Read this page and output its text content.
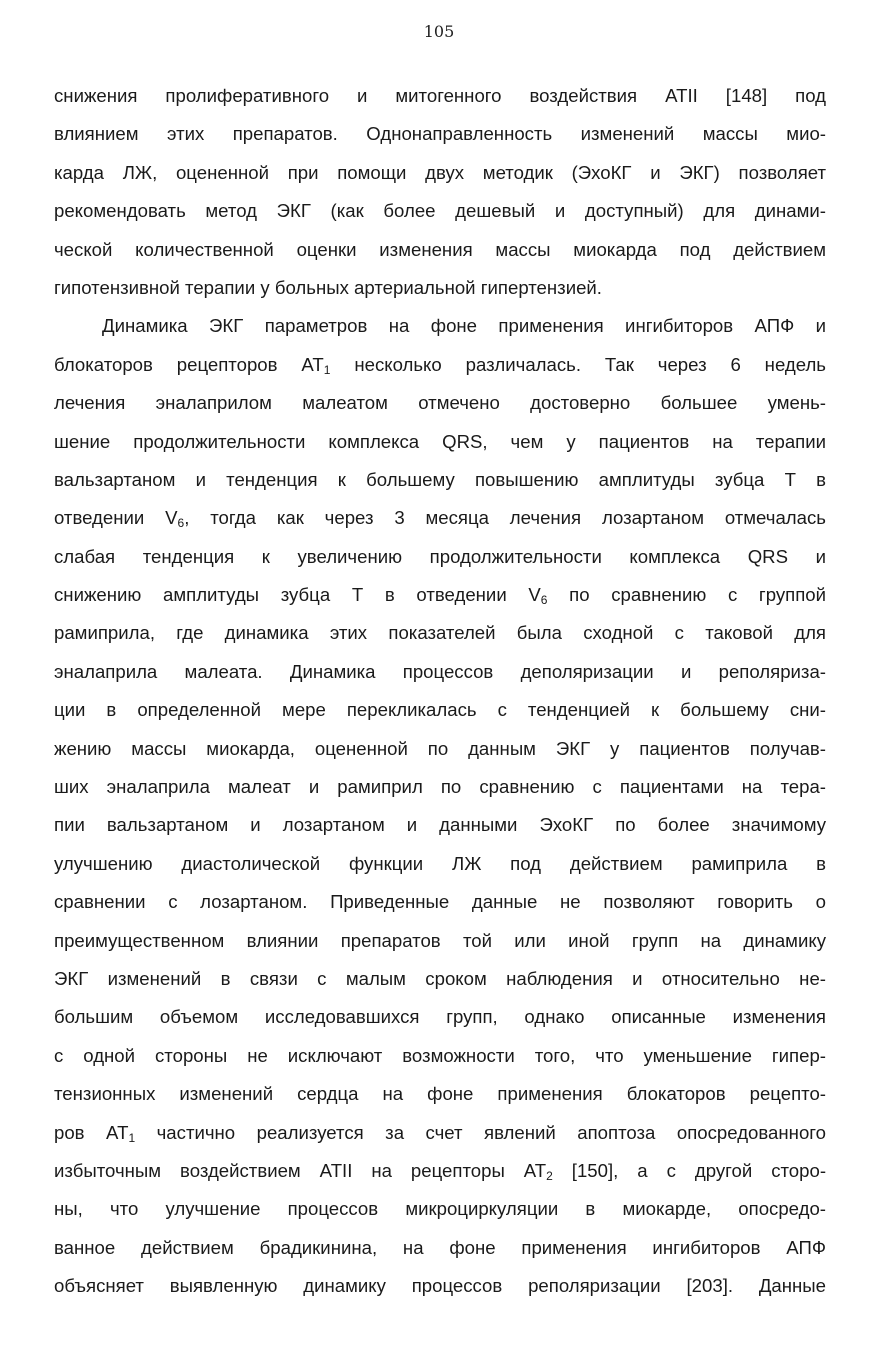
105
снижения пролиферативного и митогенного воздействия ATII [148] под
влиянием этих препаратов. Однонаправленность изменений массы мио-
карда ЛЖ, оцененной при помощи двух методик (ЭхоКГ и ЭКГ) позволяет
рекомендовать метод ЭКГ (как более дешевый и доступный) для динами-
ческой количественной оценки изменения массы миокарда под действием
гипотензивной терапии у больных артериальной гипертензией.
Динамика ЭКГ параметров на фоне применения ингибиторов АПФ и
блокаторов рецепторов $AT_1$ несколько различалась. Так через 6 недель
лечения эналаприлом малеатом отмечено достоверно большее умень-
шение продолжительности комплекса QRS, чем у пациентов на терапии
вальзартаном и тенденция к большему повышению амплитуды зубца Т в
отведении $V_6$, тогда как через 3 месяца лечения лозартаном отмечалась
слабая тенденция к увеличению продолжительности комплекса QRS и
снижению амплитуды зубца Т в отведении $V_6$ по сравнению с группой
рамиприла, где динамика этих показателей была сходной с таковой для
эналаприла малеата. Динамика процессов деполяризации и реполяриза-
ции в определенной мере перекликалась с тенденцией к большему сни-
жению массы миокарда, оцененной по данным ЭКГ у пациентов получав-
ших эналаприла малеат и рамиприл по сравнению с пациентами на тера-
пии вальзартаном и лозартаном и данными ЭхоКГ по более значимому
улучшению диастолической функции ЛЖ под действием рамиприла в
сравнении с лозартаном. Приведенные данные не позволяют говорить о
преимущественном влиянии препаратов той или иной групп на динамику
ЭКГ изменений в связи с малым сроком наблюдения и относительно не-
большим объемом исследовавшихся групп, однако описанные изменения
с одной стороны не исключают возможности того, что уменьшение гипер-
тензионных изменений сердца на фоне применения блокаторов рецепто-
ров $AT_1$ частично реализуется за счет явлений апоптоза опосредованного
избыточным воздействием ATII на рецепторы $AT_2$ [150], а с другой сторо-
ны, что улучшение процессов микроциркуляции в миокарде, опосредо-
ванное действием брадикинина, на фоне применения ингибиторов АПФ
объясняет выявленную динамику процессов реполяризации [203]. Данные
